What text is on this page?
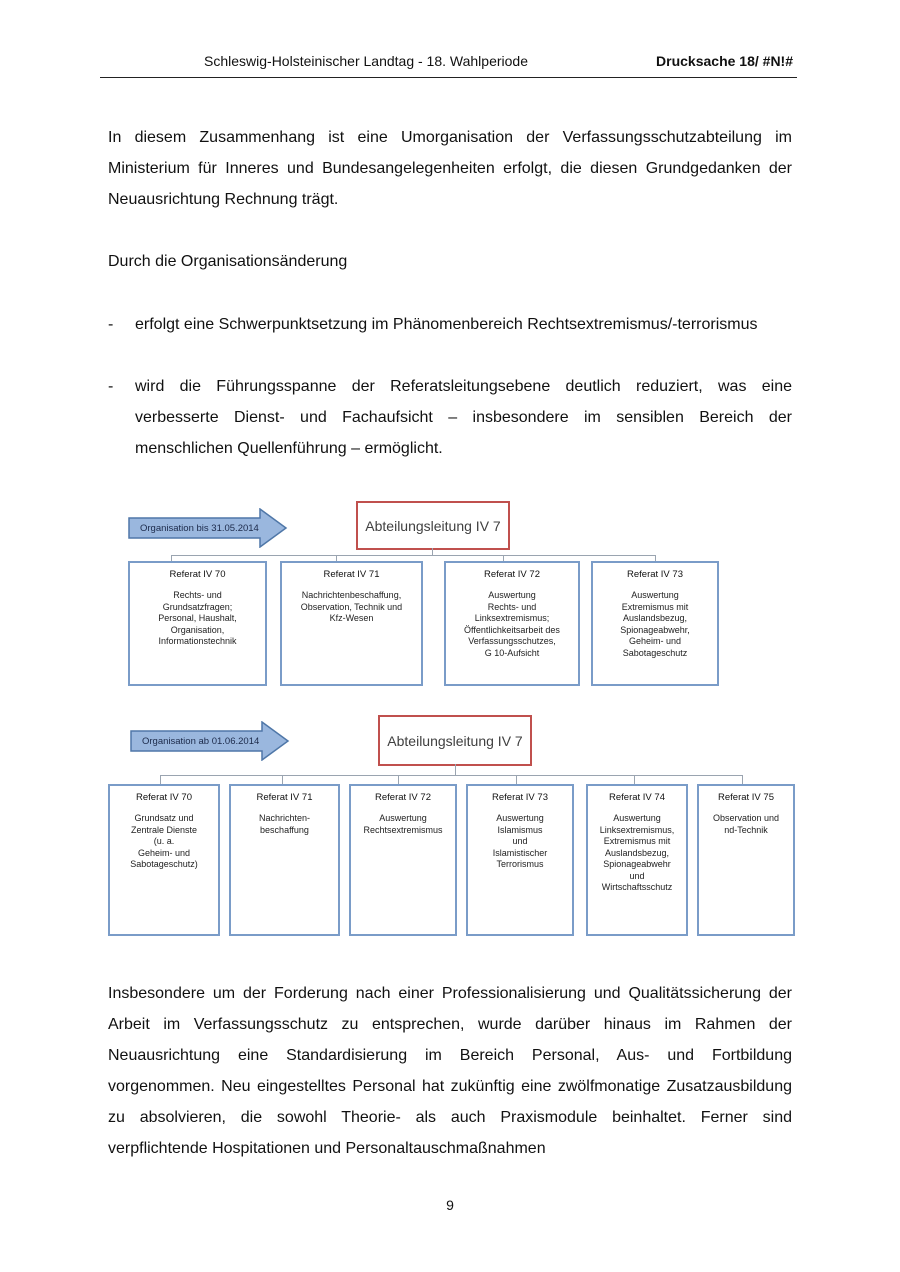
Schleswig-Holsteinischer Landtag - 18. Wahlperiode	Drucksache 18/ #N!#

In diesem Zusammenhang ist eine Umorganisation der Verfassungsschutzabteilung im Ministerium für Inneres und Bundesangelegenheiten erfolgt, die diesen Grundgedanken der Neuausrichtung Rechnung trägt.

Durch die Organisationsänderung

- erfolgt eine Schwerpunktsetzung im Phänomenbereich Rechtsextremismus/-terrorismus
- wird die Führungsspanne der Referatsleitungsebene deutlich reduziert, was eine verbesserte Dienst- und Fachaufsicht – insbesondere im sensiblen Bereich der menschlichen Quellenführung – ermöglicht.
Organisation bis 31.05.2014	Abteilungsleitung IV 7
Referat IV 70
Rechts- und
Grundsatzfragen;
Personal, Haushalt,
Organisation,
Informationstechnik
Referat IV 71
Nachrichtenbeschaffung,
Observation, Technik und
Kfz-Wesen
Referat IV 72
Auswertung
Rechts- und
Linksextremismus;
Öffentlichkeitsarbeit des
Verfassungsschutzes,
G 10-Aufsicht
Referat IV 73
Auswertung
Extremismus mit
Auslandsbezug,
Spionageabwehr,
Geheim- und
Sabotageschutz
Organisation ab 01.06.2014	Abteilungsleitung IV 7
Referat IV 70
Grundsatz und
Zentrale Dienste
(u. a.
Geheim- und
Sabotageschutz)
Referat IV 71
Nachrichten-
beschaffung
Referat IV 72
Auswertung
Rechtsextremismus
Referat IV 73
Auswertung
Islamismus
und
Islamistischer
Terrorismus
Referat IV 74
Auswertung
Linksextremismus,
Extremismus mit
Auslandsbezug,
Spionageabwehr
und
Wirtschaftsschutz
Referat IV 75
Observation und
nd-Technik

Insbesondere um der Forderung nach einer Professionalisierung und Qualitätssicherung der Arbeit im Verfassungsschutz zu entsprechen, wurde darüber hinaus im Rahmen der Neuausrichtung eine Standardisierung im Bereich Personal, Aus- und Fortbildung vorgenommen. Neu eingestelltes Personal hat zukünftig eine zwölfmonatige Zusatzausbildung zu absolvieren, die sowohl Theorie- als auch Praxismodule beinhaltet. Ferner sind verpflichtende Hospitationen und Personaltauschmaßnahmen

9
